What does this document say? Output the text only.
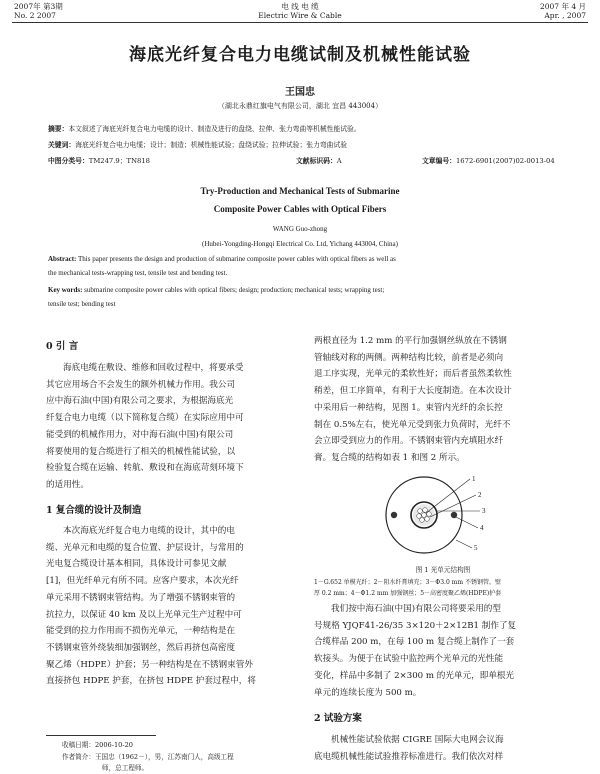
2007年 第3期
No. 2 2007
电 线 电 缆
Electric Wire & Cable
2007 年 4 月
Apr. , 2007
海底光纤复合电力电缆试制及机械性能试验
王国忠
（湖北永鼎红旗电气有限公司，湖北 宜昌 443004）
摘要：本文叙述了海底光纤复合电力电缆的设计、制造及进行的盘绕、拉伸、张力弯曲等机械性能试验。
关键词：海底光纤复合电力电缆；设计；制造；机械性能试验；盘绕试验；拉伸试验；张力弯曲试验
中图分类号：TM247.9；TN818	文献标识码：A	文章编号：1672-6901(2007)02-0013-04
Try-Production and Mechanical Tests of Submarine
Composite Power Cables with Optical Fibers
WANG Guo-zhong
(Hubei-Yongding-Hongqi Electrical Co. Ltd, Yichang 443004, China)
Abstract: This paper presents the design and production of submarine composite power cables with optical fibers as well as
the mechanical tests-wrapping test, tensile test and bending test.
Key words: submarine composite power cables with optical fibers; design; production; mechanical tests; wrapping test;
tensile test; bending test
0 引 言
海底电缆在敷设、维修和回收过程中，将要承受
其它应用场合不会发生的额外机械力作用。我公司
应中海石油(中国)有限公司之要求，为根据海底光
纤复合电力电缆（以下简称复合缆）在实际应用中可
能受到的机械作用力，对中海石油(中国)有限公司
将要使用的复合缆进行了相关的机械性能试验，以
检验复合缆在运输、转航、敷设和在海底苛刻环境下
的适用性。
1 复合缆的设计及制造
本次海底光纤复合电力电缆的设计，其中的电
缆、光单元和电缆的复合位置、护层设计，与常用的
光电复合缆设计基本相同，具体设计可参见文献
[1]，但光纤单元有所不同。应客户要求，本次光纤
单元采用不锈钢束管结构。为了增强不锈钢束管的
抗拉力，以保证 40 km 及以上光单元生产过程中可
能受到的拉力作用而不损伤光单元，一种结构是在
不锈钢束管外绕装细加强钢丝，然后再挤包高密度
聚乙烯（HDPE）护套；另一种结构是在不锈钢束管外
直接挤包 HDPE 护套，在挤包 HDPE 护套过程中，将
收稿日期：2006-10-20
作者简介：王国忠（1962－），男，江苏南门人，高级工程
师，总工程师。
两根直径为 1.2 mm 的平行加强钢丝纵放在不锈钢
管轴线对称的两侧。两种结构比较，前者是必须向
退工序实现，光单元的柔软性好；而后者虽然柔软性
稍差，但工序简单，有利于大长度制造。在本次设计
中采用后一种结构，见图 1。束管内光纤的余长控
制在 0.5%左右，使光单元受到张力负荷时，光纤不
会立即受到应力的作用。不锈钢束管内充填阻水纤
膏。复合缆的结构如表 1 和图 2 所示。
1
2
3
4
5
图 1 光单元结构图
1－G.652 单模光纤；2－阻水纤膏填充；3－Φ3.0 mm 不锈钢管，壁
厚 0.2 mm；4－Φ1.2 mm 加强钢丝；5－高密度聚乙烯(HDPE)护套
我们按中海石油(中国)有限公司将要采用的型
号规格 YJQF41-26/35 3×120＋2×12B1 制作了复
合缆样品 200 m，在每 100 m 复合缆上制作了一套
软接头。为便于在试验中监控两个光单元的光性能
变化，样品中多制了 2×300 m 的光单元，即单根光
单元的连续长度为 500 m。
2 试验方案
机械性能试验依据 CIGRE 国际大电网会议海
底电缆机械性能试验推荐标准进行。我们依次对样
